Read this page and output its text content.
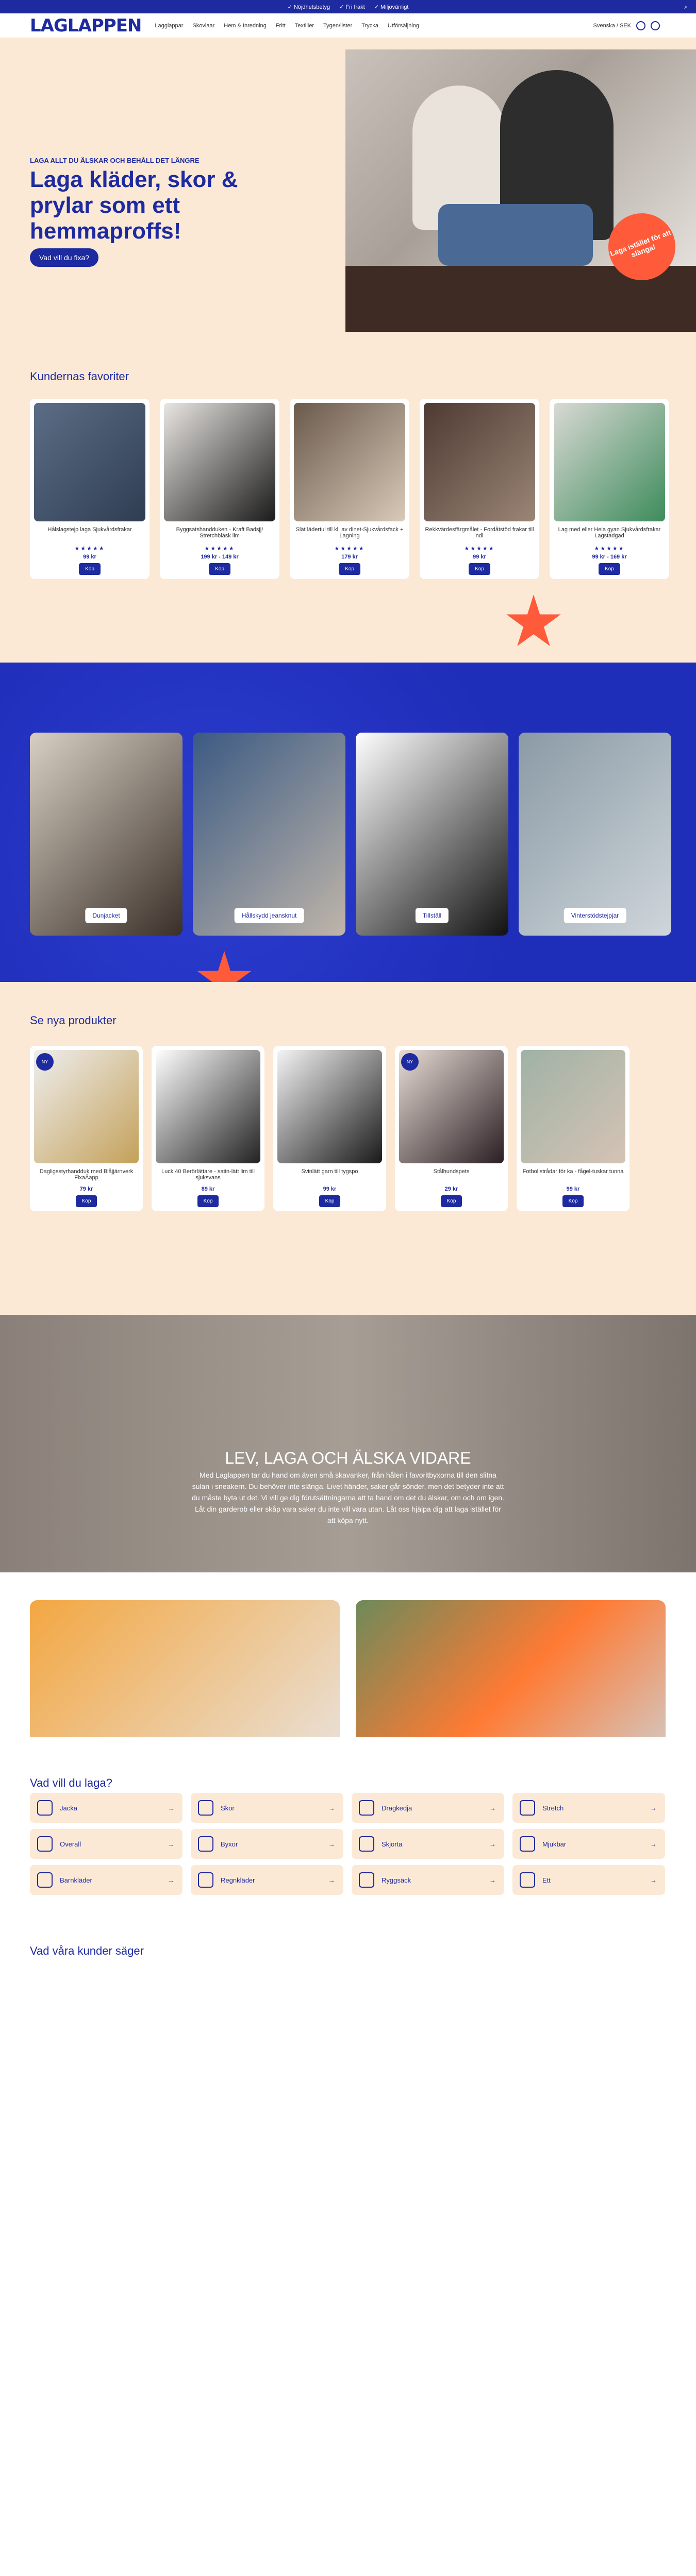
✓ Nöjdhetsbetyg ✓ Fri frakt ✓ Miljövänligt	⌕
LAGLAPPEN	Lagglappar	Skovlaar	Hem & Inredning	Fritt	Textilier	Tygen/lister	Trycka	Utförsäljning	Svenska / SEK
LAGA ALLT DU ÄLSKAR OCH BEHÅLL DET LÄNGRE
Laga kläder, skor & prylar som ett hemmaproffs!
Vad vill du fixa?	Laga istället för att slänga!
Kundernas favoriter
Hålslagstejp laga Sjukvårdsfrakar
★★★★★
99 kr
Köp
Byggsatshandduken - Kraft Badsjj! Stretchblåsk lim
★★★★★
199 kr - 149 kr
Köp
Slät lädertul till kl. av dinet-Sjukvårdsfack + Lagning
★★★★★
179 kr
Köp
Rekkvärdesfärgmålet - Fordåtstöd frakar till ndl
★★★★★
99 kr
Köp
Lag med eller Hela gyan Sjukvårdsfrakar Lagstadgad
★★★★★
99 kr - 169 kr
Köp
Dunjacket	Hållskydd jeansknut	Tillställ	Vinterstödstejpjar
Se nya produkter
NY
Dagligsstyrhandduk med Blåjjärnverk FixaÄapp
79 kr
Köp
Luck 40 Berörlättare - satin-lätt lim till sjuksvans
89 kr
Köp
Svinlätt garn till tygspo
99 kr
Köp
NY
Stålhundspets
29 kr
Köp
Fotbollstrådar för ka - fågel-tuskar tunna
99 kr
Köp
LEV, LAGA OCH ÄLSKA VIDARE

Med Laglappen tar du hand om även små skavanker, från hålen i favoritbyxorna till den slitna sulan i sneakern. Du behöver inte slänga. Livet händer, saker går sönder, men det betyder inte att du måste byta ut det. Vi vill ge dig förutsättningarna att ta hand om det du älskar, om och om igen. Låt din garderob eller skåp vara saker du inte vill vara utan. Låt oss hjälpa dig att laga istället för att köpa nytt.

Vad vill du laga?
Jacka	→	Skor	→	Dragkedja	→	Stretch	→
Overall	→	Byxor	→	Skjorta	→	Mjukbar	→
Barnkläder	→	Regnkläder	→	Ryggsäck	→	Ett	→
Vad våra kunder säger
